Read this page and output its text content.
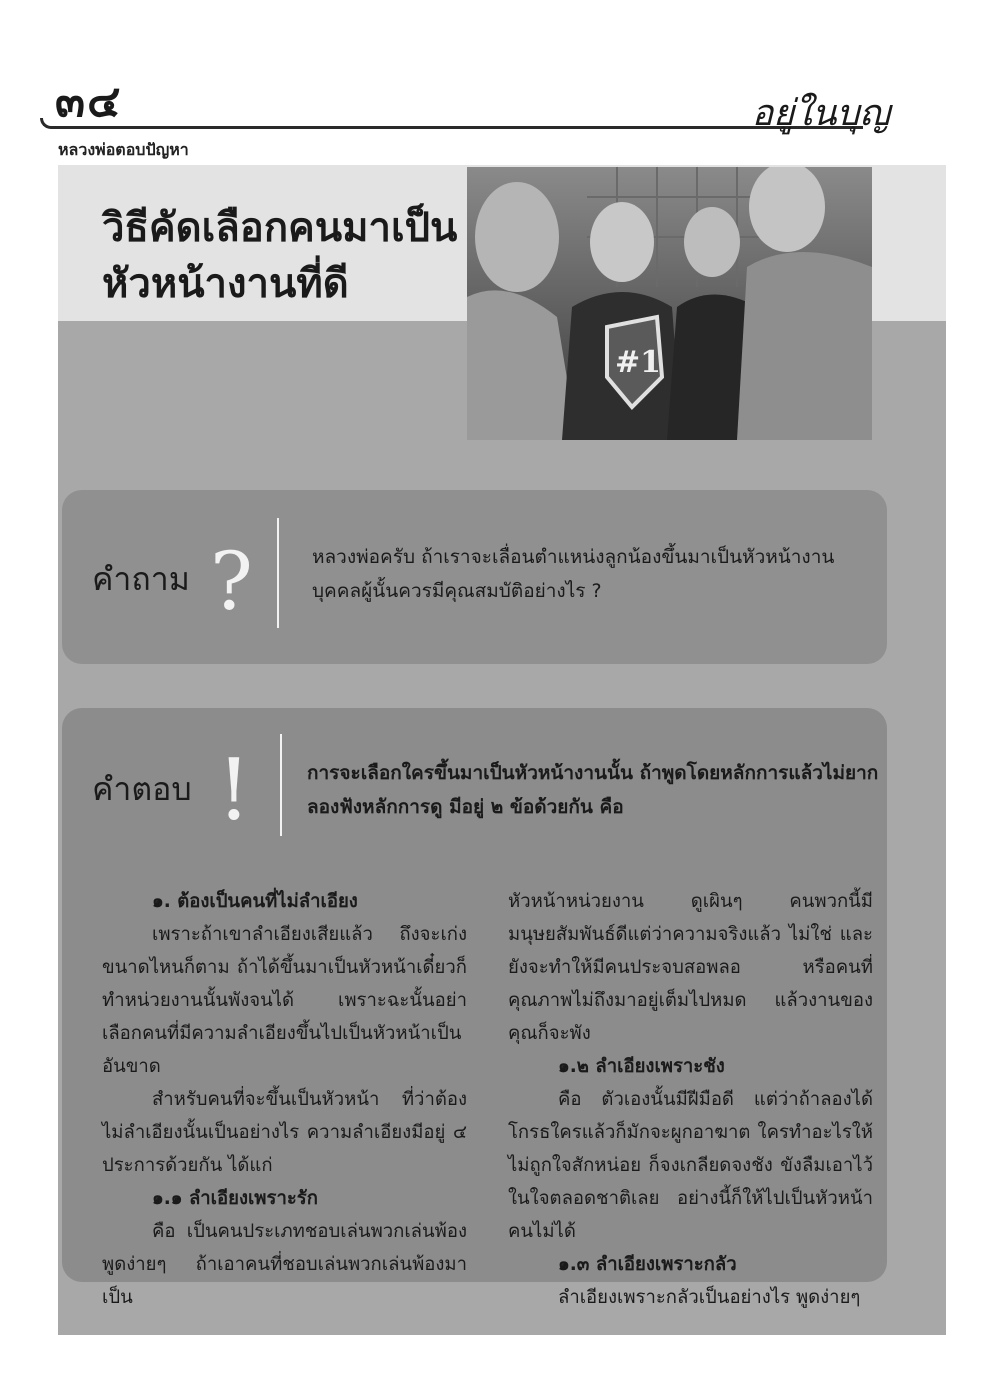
๓๔	อยู่ในบุญ
หลวงพ่อตอบปัญหา
วิธีคัดเลือกคนมาเป็น
หัวหน้างานที่ดี
#1
คำถาม ?	หลวงพ่อครับ ถ้าเราจะเลื่อนตำแหน่งลูกน้องขึ้นมาเป็นหัวหน้างาน
บุคคลผู้นั้นควรมีคุณสมบัติอย่างไร ?
คำตอบ !	การจะเลือกใครขึ้นมาเป็นหัวหน้างานนั้น ถ้าพูดโดยหลักการแล้วไม่ยาก
ลองฟังหลักการดู มีอยู่ ๒ ข้อด้วยกัน คือ

๑. ต้องเป็นคนที่ไม่ลำเอียง

เพราะถ้าเขาลำเอียงเสียแล้ว ถึงจะเก่งขนาดไหนก็ตาม ถ้าได้ขึ้นมาเป็นหัวหน้าเดี๋ยวก็ทำหน่วยงานนั้นพังจนได้ เพราะฉะนั้นอย่าเลือกคนที่มีความลำเอียงขึ้นไปเป็นหัวหน้าเป็นอันขาด

สำหรับคนที่จะขึ้นเป็นหัวหน้า ที่ว่าต้องไม่ลำเอียงนั้นเป็นอย่างไร ความลำเอียงมีอยู่ ๔ ประการด้วยกัน ได้แก่

๑.๑ ลำเอียงเพราะรัก

คือ เป็นคนประเภทชอบเล่นพวกเล่นพ้องพูดง่ายๆ ถ้าเอาคนที่ชอบเล่นพวกเล่นพ้องมาเป็น

หัวหน้าหน่วยงาน ดูเผินๆ คนพวกนี้มีมนุษยสัมพันธ์ดีแต่ว่าความจริงแล้ว ไม่ใช่ และยังจะทำให้มีคนประจบสอพลอ หรือคนที่คุณภาพไม่ถึงมาอยู่เต็มไปหมด แล้วงานของคุณก็จะพัง

๑.๒ ลำเอียงเพราะชัง

คือ ตัวเองนั้นมีฝีมือดี แต่ว่าถ้าลองได้โกรธใครแล้วก็มักจะผูกอาฆาต ใครทำอะไรให้ไม่ถูกใจสักหน่อย ก็จงเกลียดจงชัง ขังลืมเอาไว้ในใจตลอดชาติเลย อย่างนี้ก็ให้ไปเป็นหัวหน้าคนไม่ได้

๑.๓ ลำเอียงเพราะกลัว

ลำเอียงเพราะกลัวเป็นอย่างไร พูดง่ายๆ
